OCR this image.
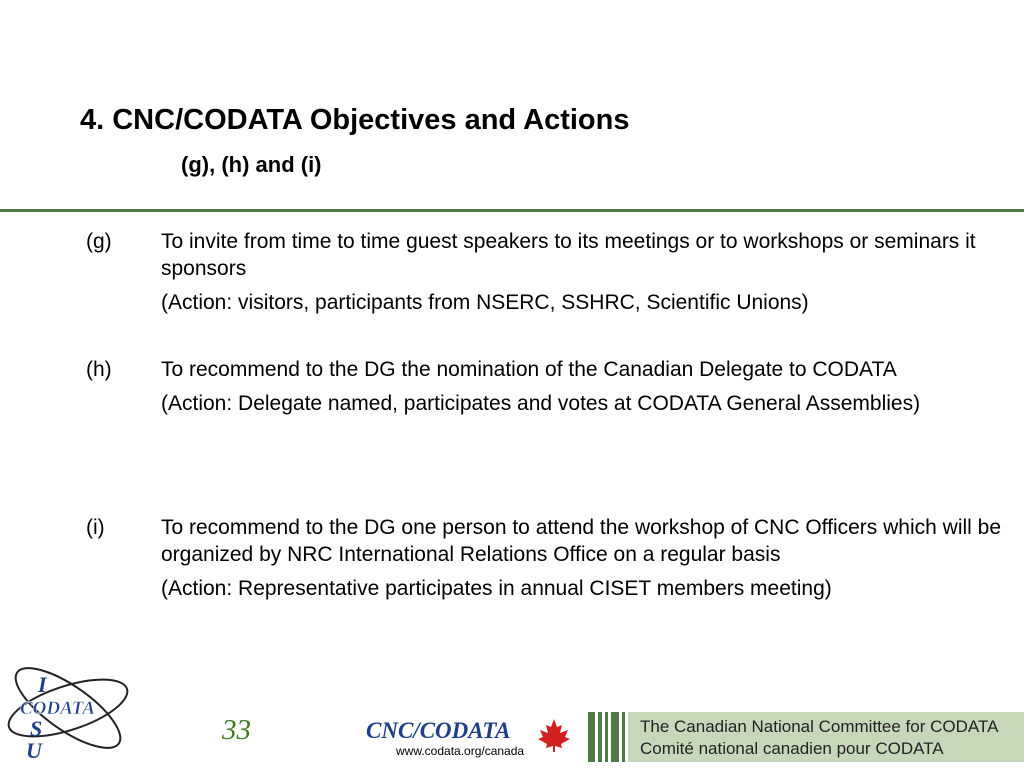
4. CNC/CODATA Objectives and Actions
(g), (h) and (i)
(g) To invite from time to time guest speakers to its meetings or to workshops or seminars it sponsors
(Action: visitors, participants from NSERC, SSHRC, Scientific Unions)
(h) To recommend to the DG the nomination of the Canadian Delegate to CODATA
(Action: Delegate named, participates and votes at CODATA General Assemblies)
(i)	To recommend to the DG one person to attend the workshop of CNC Officers which will be organized by NRC International Relations Office on a regular basis
(Action: Representative participates in annual CISET members meeting)
I
CODATA
S
U
33	CNC/CODATA
www.codata.org/canada
The Canadian National Committee for CODATA
Comité national canadien pour CODATA
